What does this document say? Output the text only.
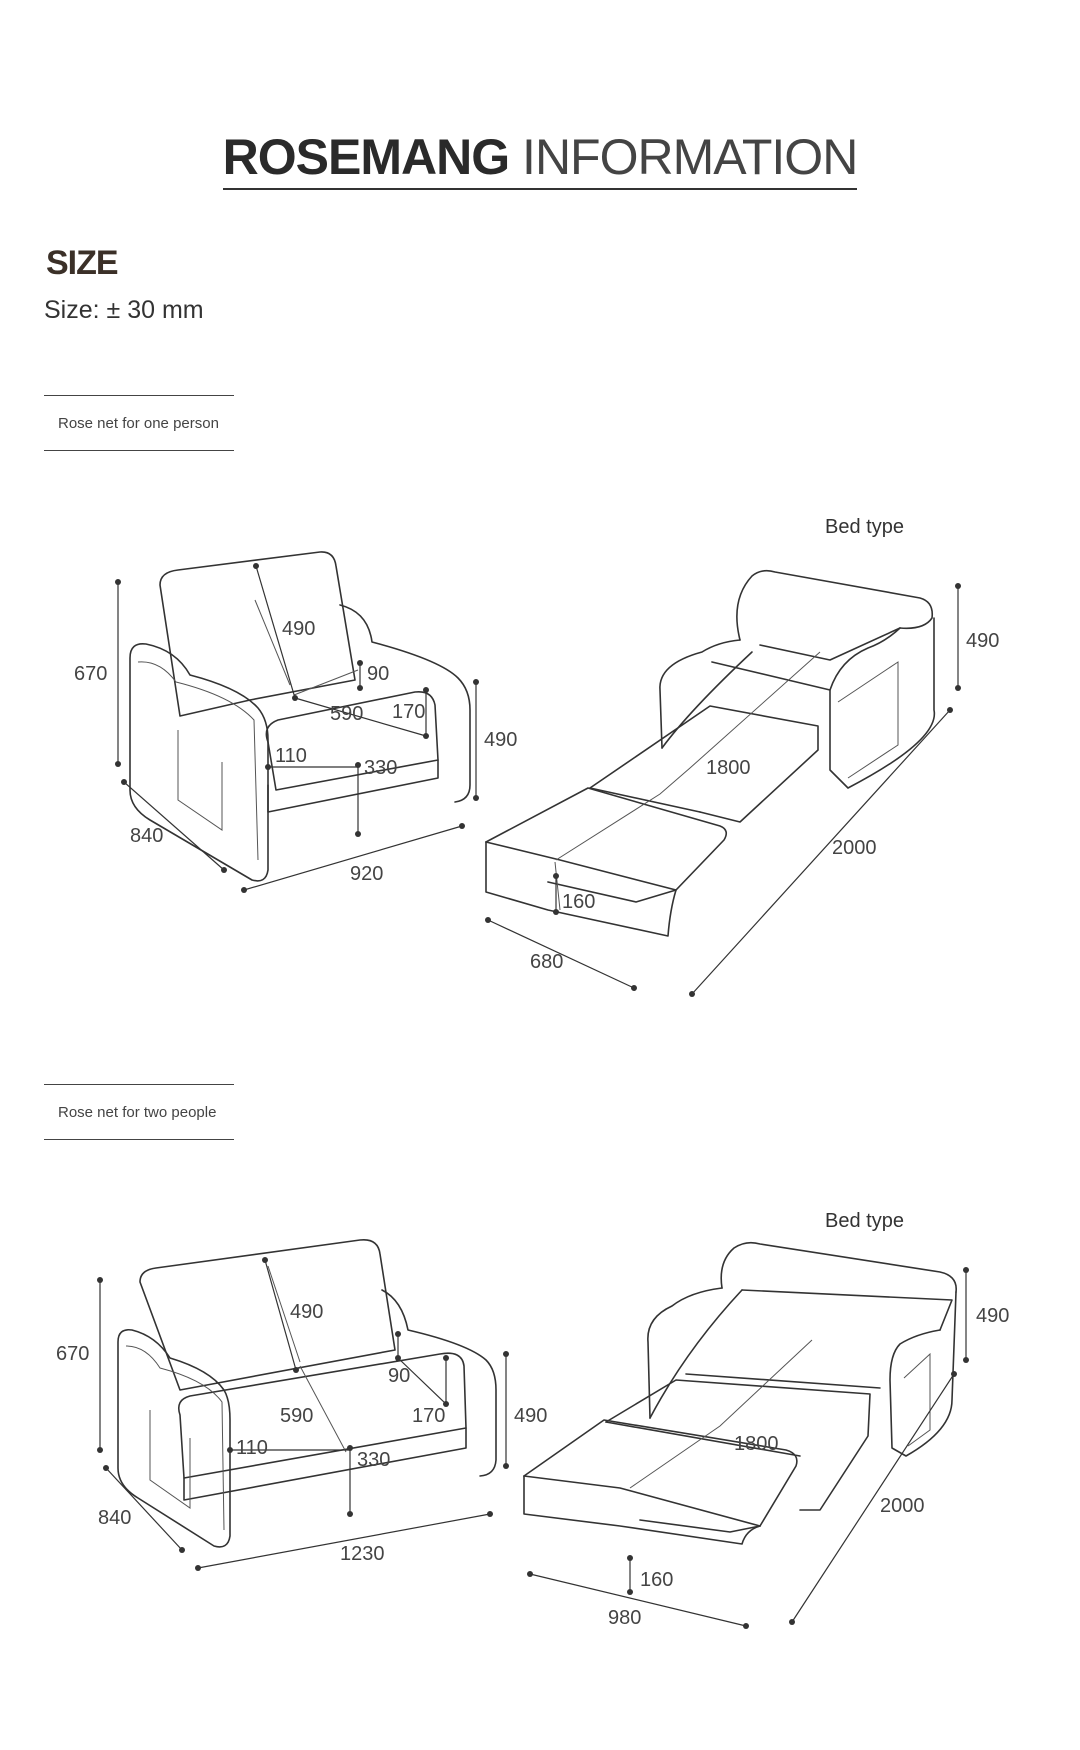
ROSEMANG INFORMATION
SIZE
Size: ± 30 mm
Rose net for one person
Bed type
670
490
90
170
590
490
110
330
840
920
490
1800
2000
160
680
Rose net for two people
Bed type
670
490
90
170
590	490
110
330
840
1230
490
1800
2000
160
980
